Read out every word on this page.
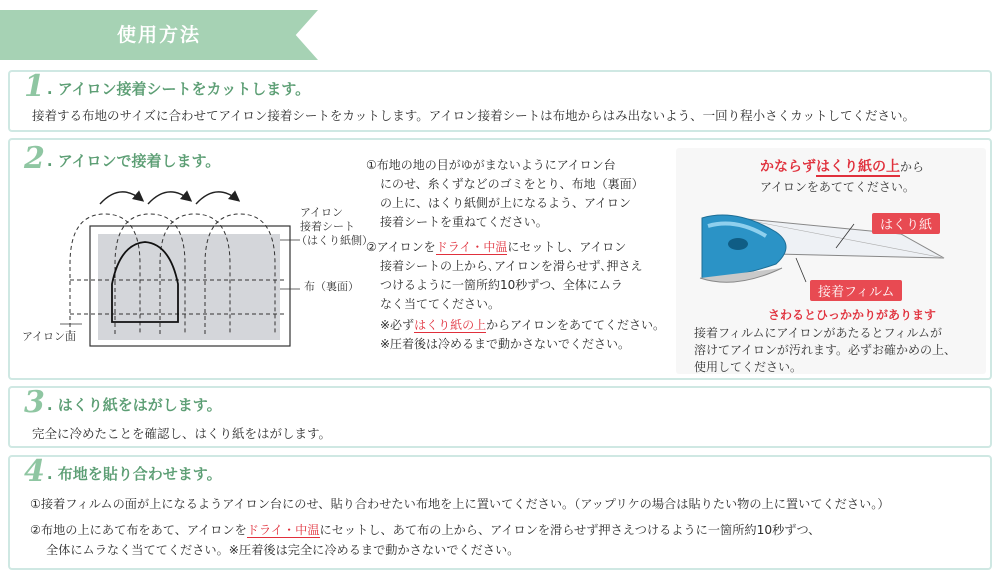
使用方法
1 . アイロン接着シートをカットします。
接着する布地のサイズに合わせてアイロン接着シートをカットします。アイロン接着シートは布地からはみ出ないよう、一回り程小さくカットしてください。
2 . アイロンで接着します。
アイロン
接着シート
（はくり紙側）
布（裏面）
アイロン面
①布地の地の目がゆがまないようにアイロン台
にのせ、糸くずなどのゴミをとり、布地（裏面）
の上に、はくり紙側が上になるよう、アイロン
接着シートを重ねてください。
②アイロンをドライ・中温にセットし、アイロン
接着シートの上から､アイロンを滑らせず､押さえ
つけるように一箇所約10秒ずつ、全体にムラ
なく当ててください。
※必ずはくり紙の上からアイロンをあててください。
※圧着後は冷めるまで動かさないでください。
かならずはくり紙の上から
アイロンをあててください。
はくり紙
接着フィルム
さわるとひっかかりがあります
接着フィルムにアイロンがあたるとフィルムが
溶けてアイロンが汚れます。必ずお確かめの上、
使用してください。
3 . はくり紙をはがします。
完全に冷めたことを確認し、はくり紙をはがします。
4 . 布地を貼り合わせます。
①接着フィルムの面が上になるようアイロン台にのせ、貼り合わせたい布地を上に置いてください。（アップリケの場合は貼りたい物の上に置いてください。）
②布地の上にあて布をあて、アイロンをドライ・中温にセットし、あて布の上から、アイロンを滑らせず押さえつけるように一箇所約10秒ずつ、
全体にムラなく当ててください。※圧着後は完全に冷めるまで動かさないでください。
